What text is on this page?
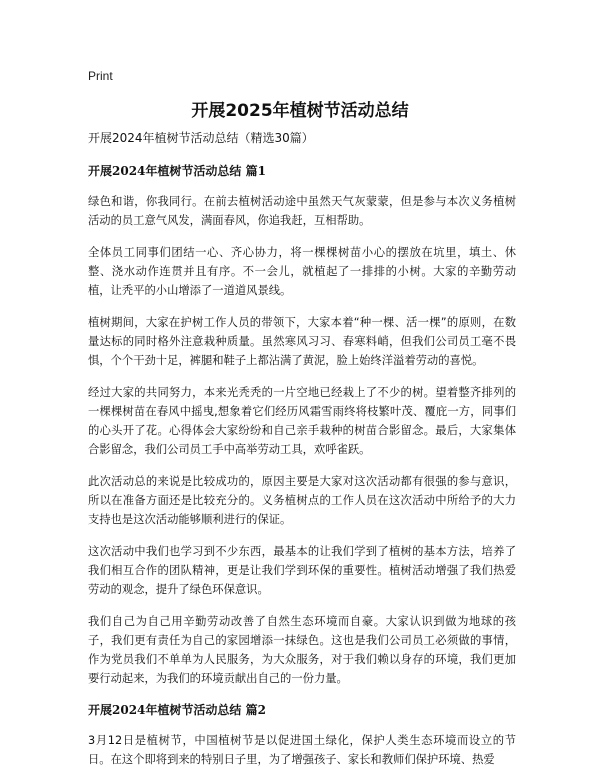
Print
开展2025年植树节活动总结
开展2024年植树节活动总结（精选30篇）
开展2024年植树节活动总结 篇1

绿色和谐，你我同行。在前去植树活动途中虽然天气灰蒙蒙，但是参与本次义务植树活动的员工意气风发，满面春风，你追我赶，互相帮助。

全体员工同事们团结一心、齐心协力，将一棵棵树苗小心的摆放在坑里，填土、休整、浇水动作连贯并且有序。不一会儿，就植起了一排排的小树。大家的辛勤劳动植，让秃平的小山增添了一道道风景线。

植树期间，大家在护树工作人员的带领下，大家本着“种一棵、活一棵”的原则，在数量达标的同时格外注意栽种质量。虽然寒风习习、春寒料峭，但我们公司员工毫不畏惧，个个干劲十足，裤腿和鞋子上都沾满了黄泥，脸上始终洋溢着劳动的喜悦。

经过大家的共同努力，本来光秃秃的一片空地已经栽上了不少的树。望着整齐排列的一棵棵树苗在春风中摇曳,想象着它们经历风霜雪雨终将枝繁叶茂、覆庇一方，同事们的心头开了花。心得体会大家纷纷和自己亲手栽种的树苗合影留念。最后，大家集体合影留念，我们公司员工手中高举劳动工具，欢呼雀跃。

此次活动总的来说是比较成功的，原因主要是大家对这次活动都有很强的参与意识，所以在准备方面还是比较充分的。义务植树点的工作人员在这次活动中所给予的大力支持也是这次活动能够顺利进行的保证。

这次活动中我们也学习到不少东西，最基本的让我们学到了植树的基本方法，培养了我们相互合作的团队精神，更是让我们学到环保的重要性。植树活动增强了我们热爱劳动的观念，提升了绿色环保意识。

我们自己为自己用辛勤劳动改善了自然生态环境而自豪。大家认识到做为地球的孩子，我们更有责任为自己的家园增添一抹绿色。这也是我们公司员工必须做的事情，作为党员我们不单单为人民服务，为大众服务，对于我们赖以身存的环境，我们更加要行动起来，为我们的环境贡献出自己的一份力量。

开展2024年植树节活动总结 篇2

3月12日是植树节，中国植树节是以促进国土绿化，保护人类生态环境而设立的节日。在这个即将到来的特别日子里，为了增强孩子、家长和教师们保护环境、热爱
